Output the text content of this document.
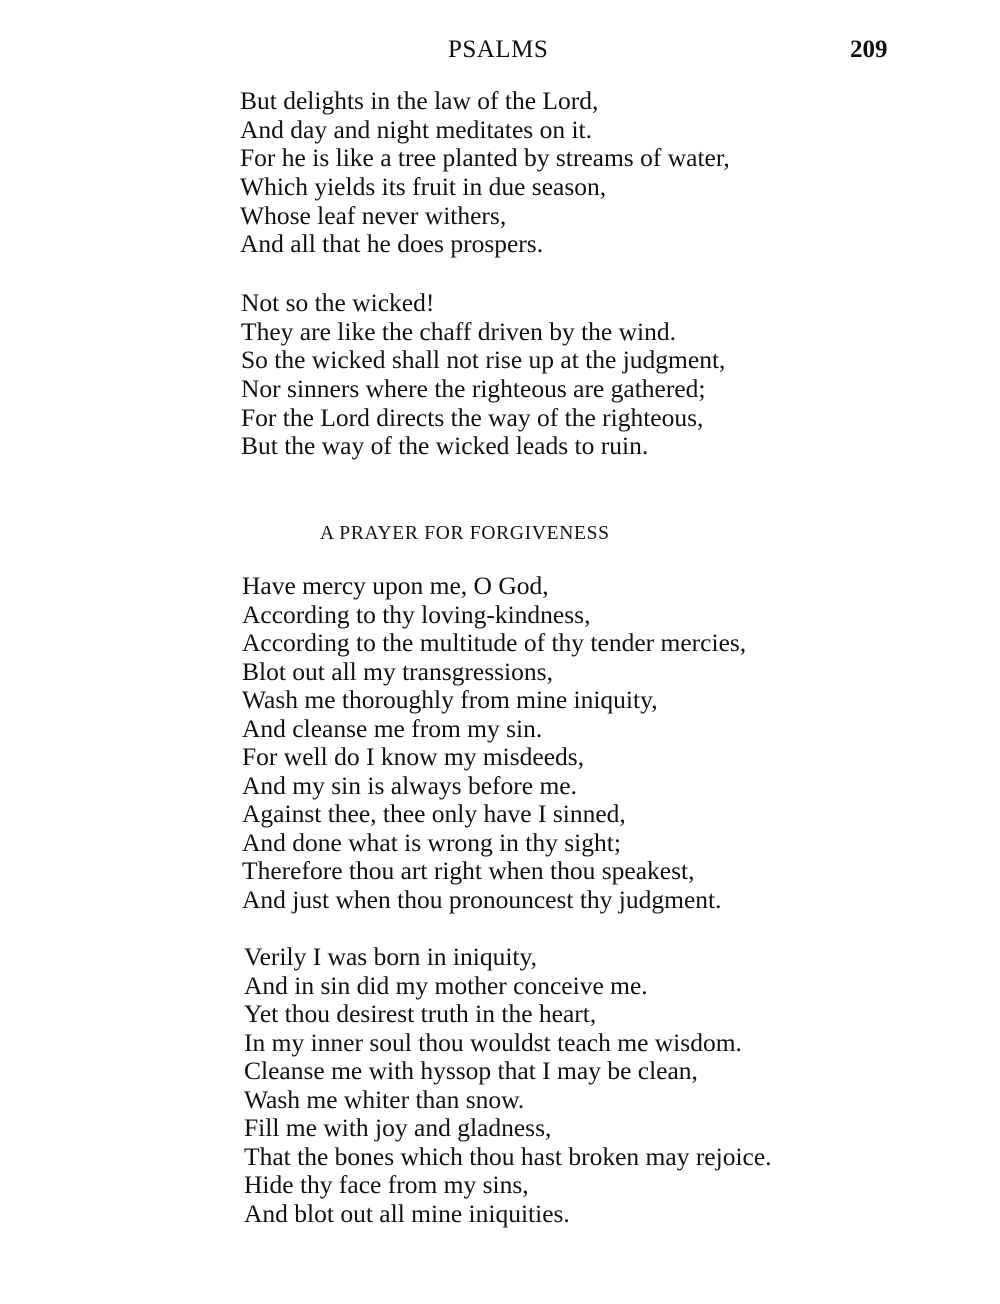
PSALMS	209
But delights in the law of the Lord,
And day and night meditates on it.
For he is like a tree planted by streams of water,
Which yields its fruit in due season,
Whose leaf never withers,
And all that he does prospers.
Not so the wicked!
They are like the chaff driven by the wind.
So the wicked shall not rise up at the judgment,
Nor sinners where the righteous are gathered;
For the Lord directs the way of the righteous,
But the way of the wicked leads to ruin.
A PRAYER FOR FORGIVENESS
Have mercy upon me, O God,
According to thy loving-kindness,
According to the multitude of thy tender mercies,
Blot out all my transgressions,
Wash me thoroughly from mine iniquity,
And cleanse me from my sin.
For well do I know my misdeeds,
And my sin is always before me.
Against thee, thee only have I sinned,
And done what is wrong in thy sight;
Therefore thou art right when thou speakest,
And just when thou pronouncest thy judgment.
Verily I was born in iniquity,
And in sin did my mother conceive me.
Yet thou desirest truth in the heart,
In my inner soul thou wouldst teach me wisdom.
Cleanse me with hyssop that I may be clean,
Wash me whiter than snow.
Fill me with joy and gladness,
That the bones which thou hast broken may rejoice.
Hide thy face from my sins,
And blot out all mine iniquities.
